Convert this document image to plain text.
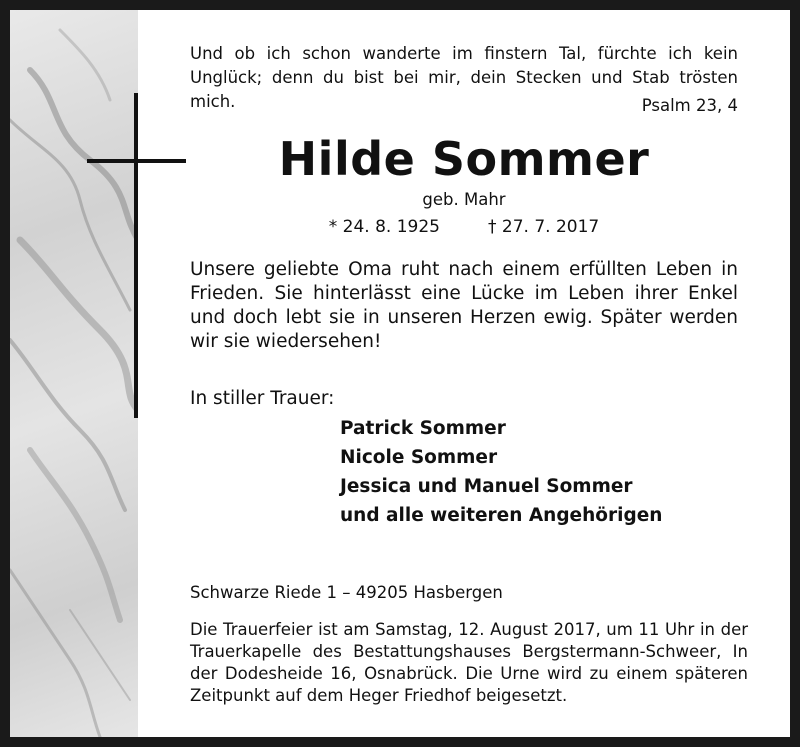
Und ob ich schon wanderte im finstern Tal, fürchte ich kein Unglück; denn du bist bei mir, dein Stecken und Stab trösten mich.	Psalm 23, 4
Hilde Sommer
geb. Mahr
* 24. 8. 1925	† 27. 7. 2017
Unsere geliebte Oma ruht nach einem erfüllten Leben in Frieden. Sie hinterlässt eine Lücke im Leben ihrer Enkel und doch lebt sie in unseren Herzen ewig. Später werden wir sie wiedersehen!
In stiller Trauer:
Patrick Sommer
Nicole Sommer
Jessica und Manuel Sommer
und alle weiteren Angehörigen
Schwarze Riede 1 – 49205 Hasbergen
Die Trauerfeier ist am Samstag, 12. August 2017, um 11 Uhr in der Trauerkapelle des Bestattungshauses Bergstermann-Schweer, In der Dodesheide 16, Osnabrück. Die Urne wird zu einem späteren Zeitpunkt auf dem Heger Friedhof beigesetzt.
